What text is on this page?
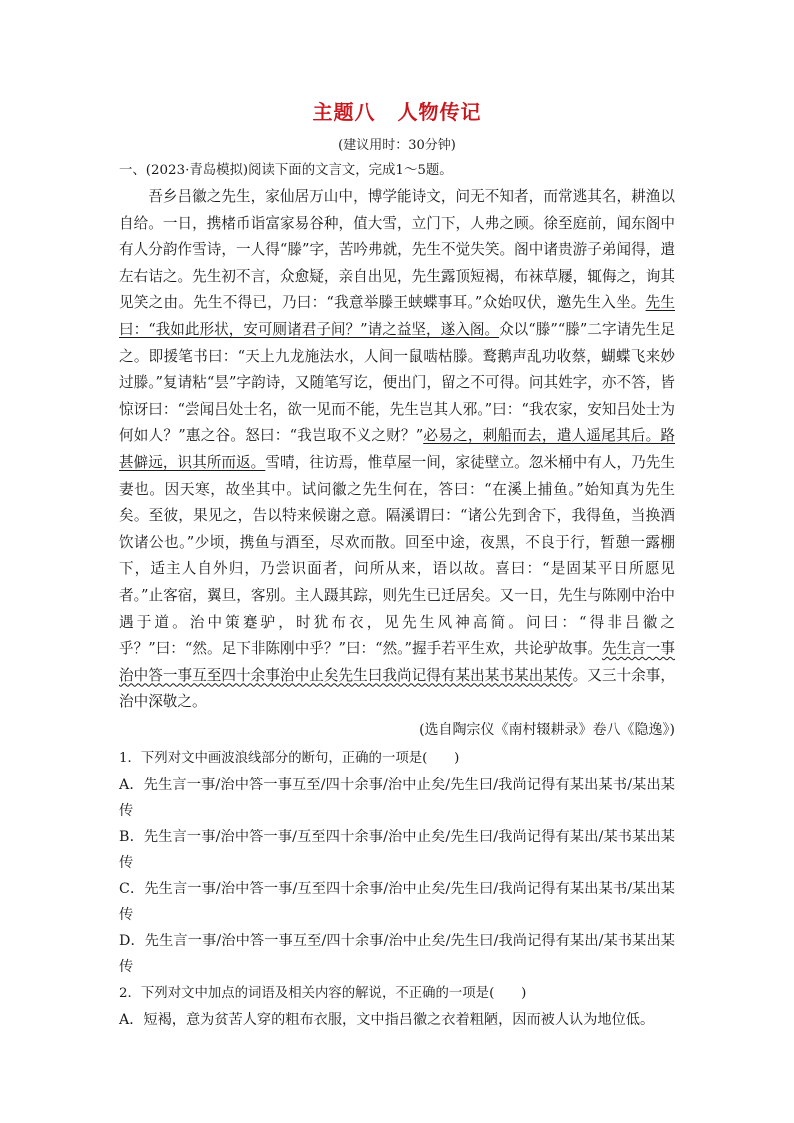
主题八 人物传记
(建议用时：30分钟)
一、(2023·青岛模拟)阅读下面的文言文，完成1～5题。

吾乡吕徽之先生，家仙居万山中，博学能诗文，问无不知者，而常逃其名，耕渔以自给。一日，携楮币诣富家易谷种，值大雪，立门下，人弗之顾。徐至庭前，闻东阁中有人分韵作雪诗，一人得“滕”字，苦吟弗就，先生不觉失笑。阁中诸贵游子弟闻得，遣左右诘之。先生初不言，众愈疑，亲自出见，先生露顶短褐，布袜草屦，辄侮之，询其见笑之由。先生不得已，乃曰：“我意举滕王蛱蝶事耳。”众始叹伏，邀先生入坐。先生曰：“我如此形状，安可厕诸君子间？”请之益坚，遂入阁。众以“滕”“滕”二字请先生足之。即援笔书曰：“天上九龙施法水，人间一鼠啮枯滕。鹜鹅声乱功收蔡，蝴蝶飞来妙过滕。”复请粘“昙”字韵诗，又随笔写讫，便出门，留之不可得。问其姓字，亦不答，皆惊讶曰：“尝闻吕处士名，欲一见而不能，先生岂其人邪。”曰：“我农家，安知吕处士为何如人？”惠之谷。怒曰：“我岂取不义之财？”必易之，刺船而去，遣人遥尾其后。路甚僻远，识其所而返。雪晴，往访焉，惟草屋一间，家徒壁立。忽米桶中有人，乃先生妻也。因天寒，故坐其中。试问徽之先生何在，答曰：“在溪上捕鱼。”始知真为先生矣。至彼，果见之，告以特来候谢之意。隔溪谓曰：“诸公先到舍下，我得鱼，当换酒饮诸公也。”少顷，携鱼与酒至，尽欢而散。回至中途，夜黑，不良于行，暂憩一露棚下，适主人自外归，乃尝识面者，问所从来，语以故。喜曰：“是固某平日所愿见者。”止客宿，翼旦，客别。主人蹑其踪，则先生已迁居矣。又一日，先生与陈刚中治中遇于道。治中策蹇驴，时犹布衣，见先生风神高简。问曰：“得非吕徽之乎？”曰：“然。足下非陈刚中乎？”曰：“然。”握手若平生欢，共论驴故事。先生言一事治中答一事互至四十余事治中止矣先生曰我尚记得有某出某书某出某传。又三十余事，治中深敬之。

(选自陶宗仪《南村辍耕录》卷八《隐逸》)

1．下列对文中画波浪线部分的断句，正确的一项是(　　)

A．先生言一事/治中答一事互至/四十余事/治中止矣/先生曰/我尚记得有某出某书/某出某传

B．先生言一事/治中答一事/互至四十余事/治中止矣/先生曰/我尚记得有某出/某书某出某传

C．先生言一事/治中答一事/互至四十余事/治中止矣/先生曰/我尚记得有某出某书/某出某传

D．先生言一事/治中答一事互至/四十余事/治中止矣/先生曰/我尚记得有某出/某书某出某传

2．下列对文中加点的词语及相关内容的解说，不正确的一项是(　　)

A．短褐，意为贫苦人穿的粗布衣服，文中指吕徽之衣着粗陋，因而被人认为地位低。
